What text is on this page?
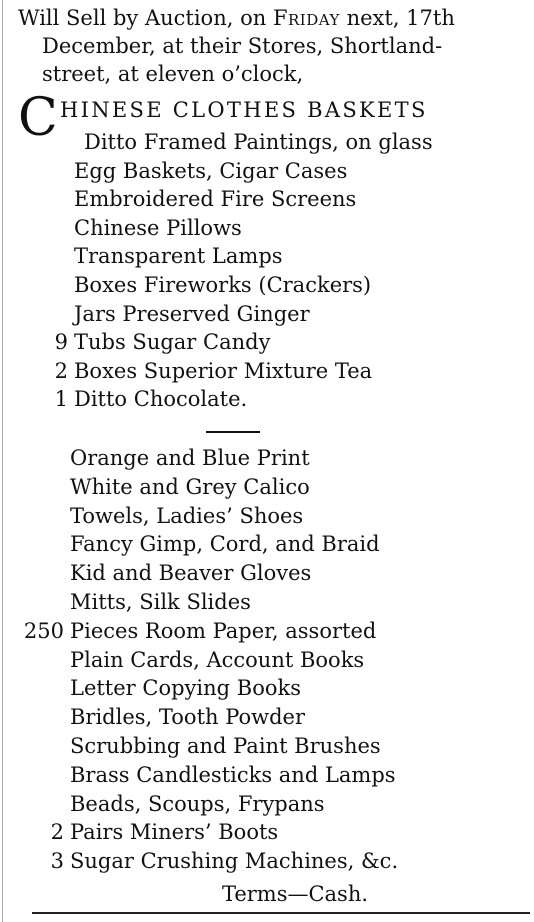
Will Sell by Auction, on Friday next, 17th
December, at their Stores, Shortland-
street, at eleven o’clock,
C HINESE CLOTHES BASKETS
Ditto Framed Paintings, on glass
Egg Baskets, Cigar Cases
Embroidered Fire Screens
Chinese Pillows
Transparent Lamps
Boxes Fireworks (Crackers)
Jars Preserved Ginger
9 Tubs Sugar Candy
2 Boxes Superior Mixture Tea
1 Ditto Chocolate.
Orange and Blue Print
White and Grey Calico
Towels, Ladies’ Shoes
Fancy Gimp, Cord, and Braid
Kid and Beaver Gloves
Mitts, Silk Slides
250 Pieces Room Paper, assorted
Plain Cards, Account Books
Letter Copying Books
Bridles, Tooth Powder
Scrubbing and Paint Brushes
Brass Candlesticks and Lamps
Beads, Scoups, Frypans
2 Pairs Miners’ Boots
3 Sugar Crushing Machines, &c.
Terms—Cash.
